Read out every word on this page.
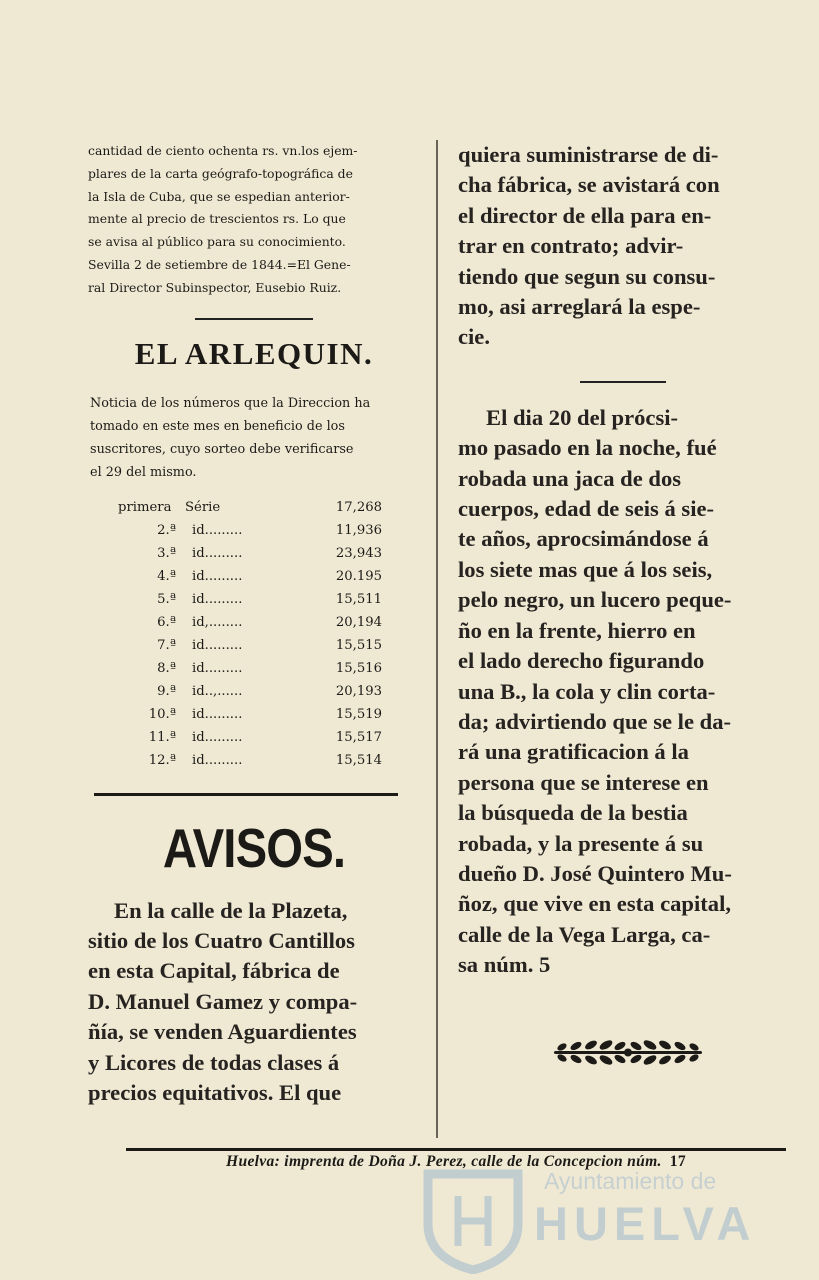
cantidad de ciento ochenta rs. vn.los ejem-

plares de la carta geógrafo-topográfica de

la Isla de Cuba, que se espedian anterior-

mente al precio de trescientos rs. Lo que

se avisa al público para su conocimiento.

Sevilla 2 de setiembre de 1844.=El Gene-

ral Director Subinspector, Eusebio Ruiz.

EL ARLEQUIN.

Noticia de los números que la Direccion ha

tomado en este mes en beneficio de los

suscritores, cuyo sorteo debe verificarse

el 29 del mismo.

primera Série	17,268
2.ª id.........	11,936
3.ª id.........	23,943
4.ª id.........	20.195
5.ª id.........	15,511
6.ª id,........	20,194
7.ª id.........	15,515
8.ª id.........	15,516
9.ª id..,......	20,193
10.ª id.........	15,519
11.ª id.........	15,517
12.ª id.........	15,514
AVISOS.

En la calle de la Plazeta,

sitio de los Cuatro Cantillos

en esta Capital, fábrica de

D. Manuel Gamez y compa-

ñía, se venden Aguardientes

y Licores de todas clases á

precios equitativos. El que

quiera suministrarse de di-

cha fábrica, se avistará con

el director de ella para en-

trar en contrato; advir-

tiendo que segun su consu-

mo, asi arreglará la espe-

cie.

El dia 20 del prócsi-

mo pasado en la noche, fué

robada una jaca de dos

cuerpos, edad de seis á sie-

te años, aprocsimándose á

los siete mas que á los seis,

pelo negro, un lucero peque-

ño en la frente, hierro en

el lado derecho figurando

una B., la cola y clin corta-

da; advirtiendo que se le da-

rá una gratificacion á la

persona que se interese en

la búsqueda de la bestia

robada, y la presente á su

dueño D. José Quintero Mu-

ñoz, que vive en esta capital,

calle de la Vega Larga, ca-

sa núm. 5

Huelva: imprenta de Doña J. Perez, calle de la Concepcion núm. 17
Ayuntamiento de
HUELVA
